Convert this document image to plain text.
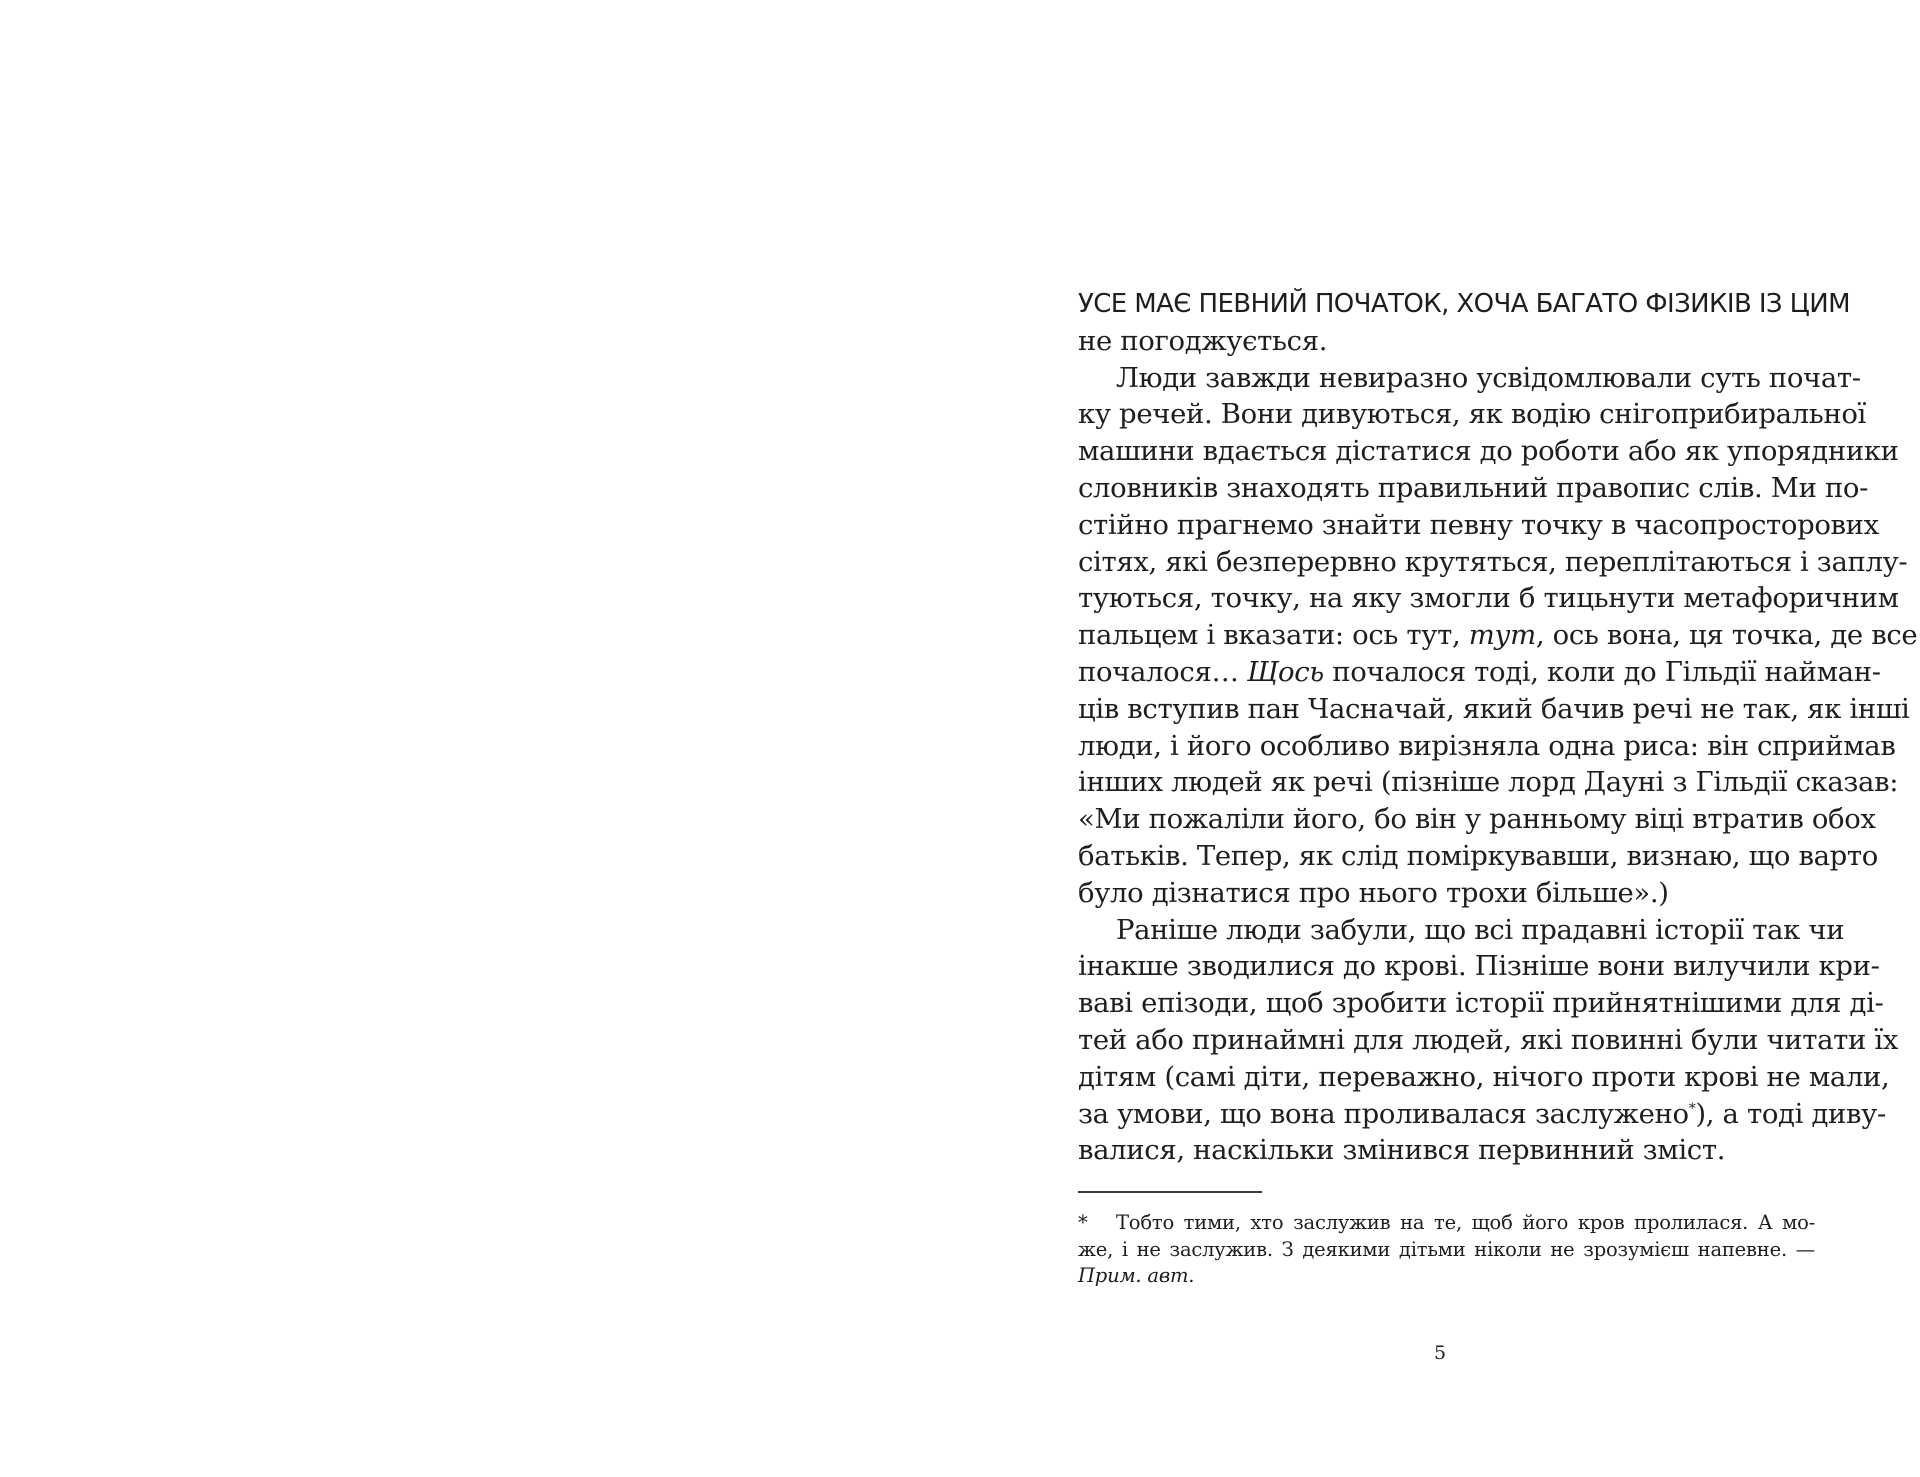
УСЕ МАЄ ПЕВНИЙ ПОЧАТОК, ХОЧА БАГАТО ФІЗИКІВ ІЗ ЦИМ
не погоджується.
Люди завжди невиразно усвідомлювали суть почат-
ку речей. Вони дивуються, як водію снігоприбиральної
машини вдається дістатися до роботи або як упорядники
словників знаходять правильний правопис слів. Ми по-
стійно прагнемо знайти певну точку в часопросторових
сітях, які безперервно крутяться, переплітаються і заплу-
туються, точку, на яку змогли б тицьнути метафоричним
пальцем і вказати: ось тут, тут, ось вона, ця точка, де все
почалося… Щось почалося тоді, коли до Гільдії найман-
ців вступив пан Часначай, який бачив речі не так, як інші
люди, і його особливо вирізняла одна риса: він сприймав
інших людей як речі (пізніше лорд Дауні з Гільдії сказав:
«Ми пожаліли його, бо він у ранньому віці втратив обох
батьків. Тепер, як слід поміркувавши, визнаю, що варто
було дізнатися про нього трохи більше».)
Раніше люди забули, що всі прадавні історії так чи
інакше зводилися до крові. Пізніше вони вилучили кри-
ваві епізоди, щоб зробити історії прийнятнішими для ді-
тей або принаймні для людей, які повинні були читати їх
дітям (самі діти, переважно, нічого проти крові не мали,
за умови, що вона проливалася заслужено*), а тоді диву-
валися, наскільки змінився первинний зміст.
* Тобто тими, хто заслужив на те, щоб його кров пролилася. А мо-
же, і не заслужив. З деякими дітьми ніколи не зрозумієш напевне. —
Прим. авт.
5
